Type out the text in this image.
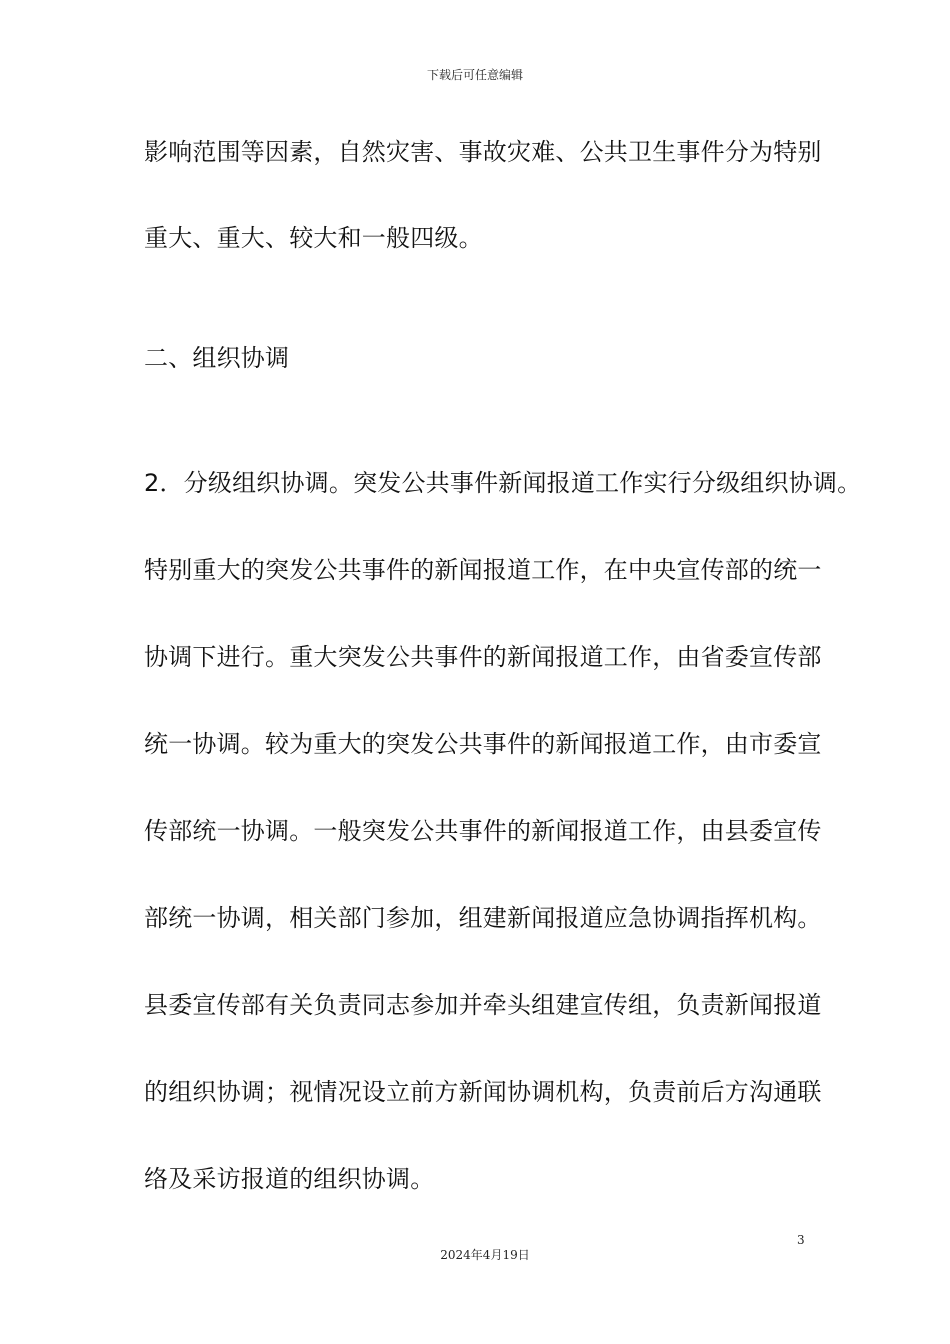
下载后可任意编辑
影响范围等因素，自然灾害、事故灾难、公共卫生事件分为特别
重大、重大、较大和一般四级。
二、组织协调
2．分级组织协调。突发公共事件新闻报道工作实行分级组织协调。
特别重大的突发公共事件的新闻报道工作，在中央宣传部的统一
协调下进行。重大突发公共事件的新闻报道工作，由省委宣传部
统一协调。较为重大的突发公共事件的新闻报道工作，由市委宣
传部统一协调。一般突发公共事件的新闻报道工作，由县委宣传
部统一协调，相关部门参加，组建新闻报道应急协调指挥机构。
县委宣传部有关负责同志参加并牵头组建宣传组，负责新闻报道
的组织协调；视情况设立前方新闻协调机构，负责前后方沟通联
络及采访报道的组织协调。
3
2024年4月19日
